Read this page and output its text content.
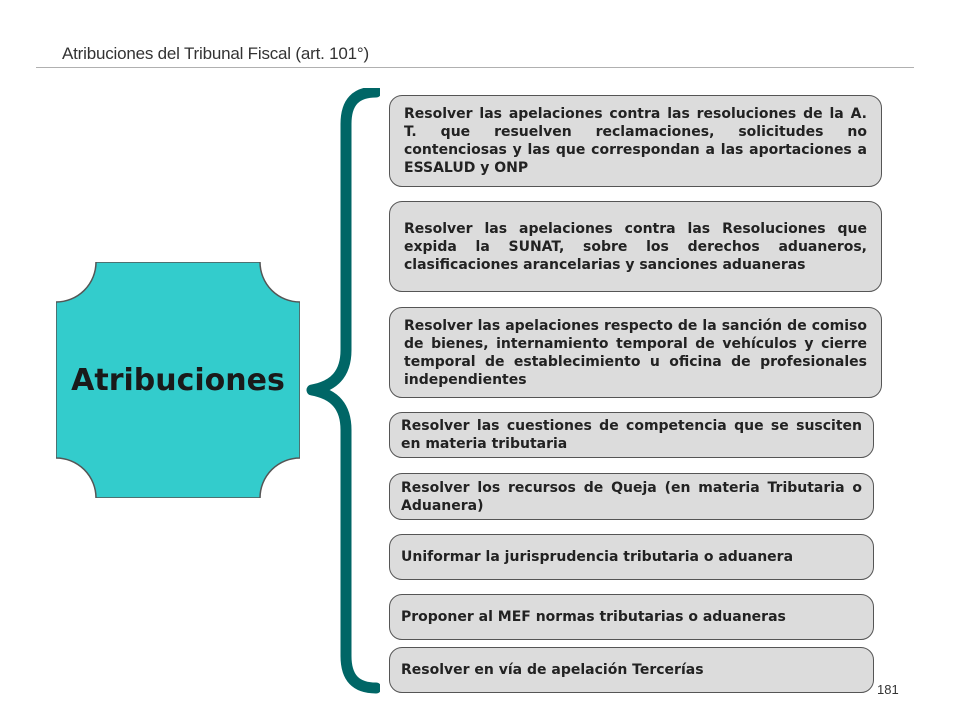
Atribuciones del Tribunal Fiscal (art. 101°)
Atribuciones
Resolver las apelaciones contra las resoluciones de la A. T. que resuelven reclamaciones, solicitudes no contenciosas y las que correspondan a las aportaciones a ESSALUD y ONP
Resolver las apelaciones contra las Resoluciones que expida la SUNAT, sobre los derechos aduaneros, clasificaciones arancelarias y sanciones aduaneras
Resolver las apelaciones respecto de la sanción de comiso de bienes, internamiento temporal de vehículos y cierre temporal de establecimiento u oficina de profesionales independientes
Resolver las cuestiones de competencia que se susciten en materia tributaria
Resolver los recursos de Queja (en materia Tributaria o Aduanera)
Uniformar la jurisprudencia tributaria o aduanera
Proponer al MEF normas tributarias o aduaneras
Resolver en vía de apelación Tercerías
181
